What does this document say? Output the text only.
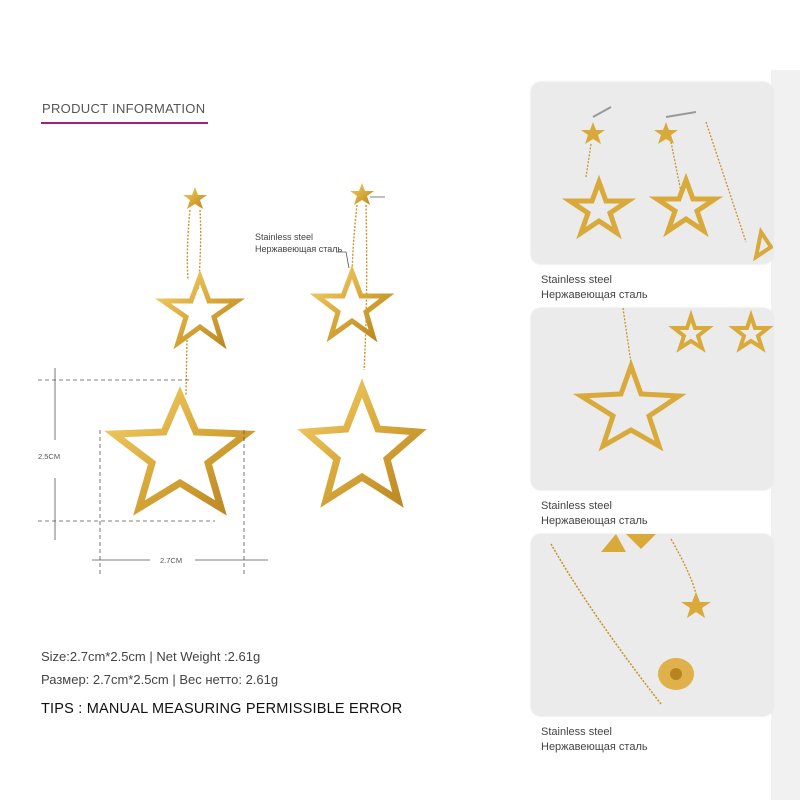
PRODUCT INFORMATION
Stainless steel
Нержавеющая сталь
2.5CM
2.7CM
Size:2.7cm*2.5cm | Net Weight :2.61g
Размер: 2.7cm*2.5cm | Вес нетто: 2.61g
TIPS : MANUAL MEASURING PERMISSIBLE ERROR
Stainless steel
Нержавеющая сталь
Stainless steel
Нержавеющая сталь
Stainless steel
Нержавеющая сталь
